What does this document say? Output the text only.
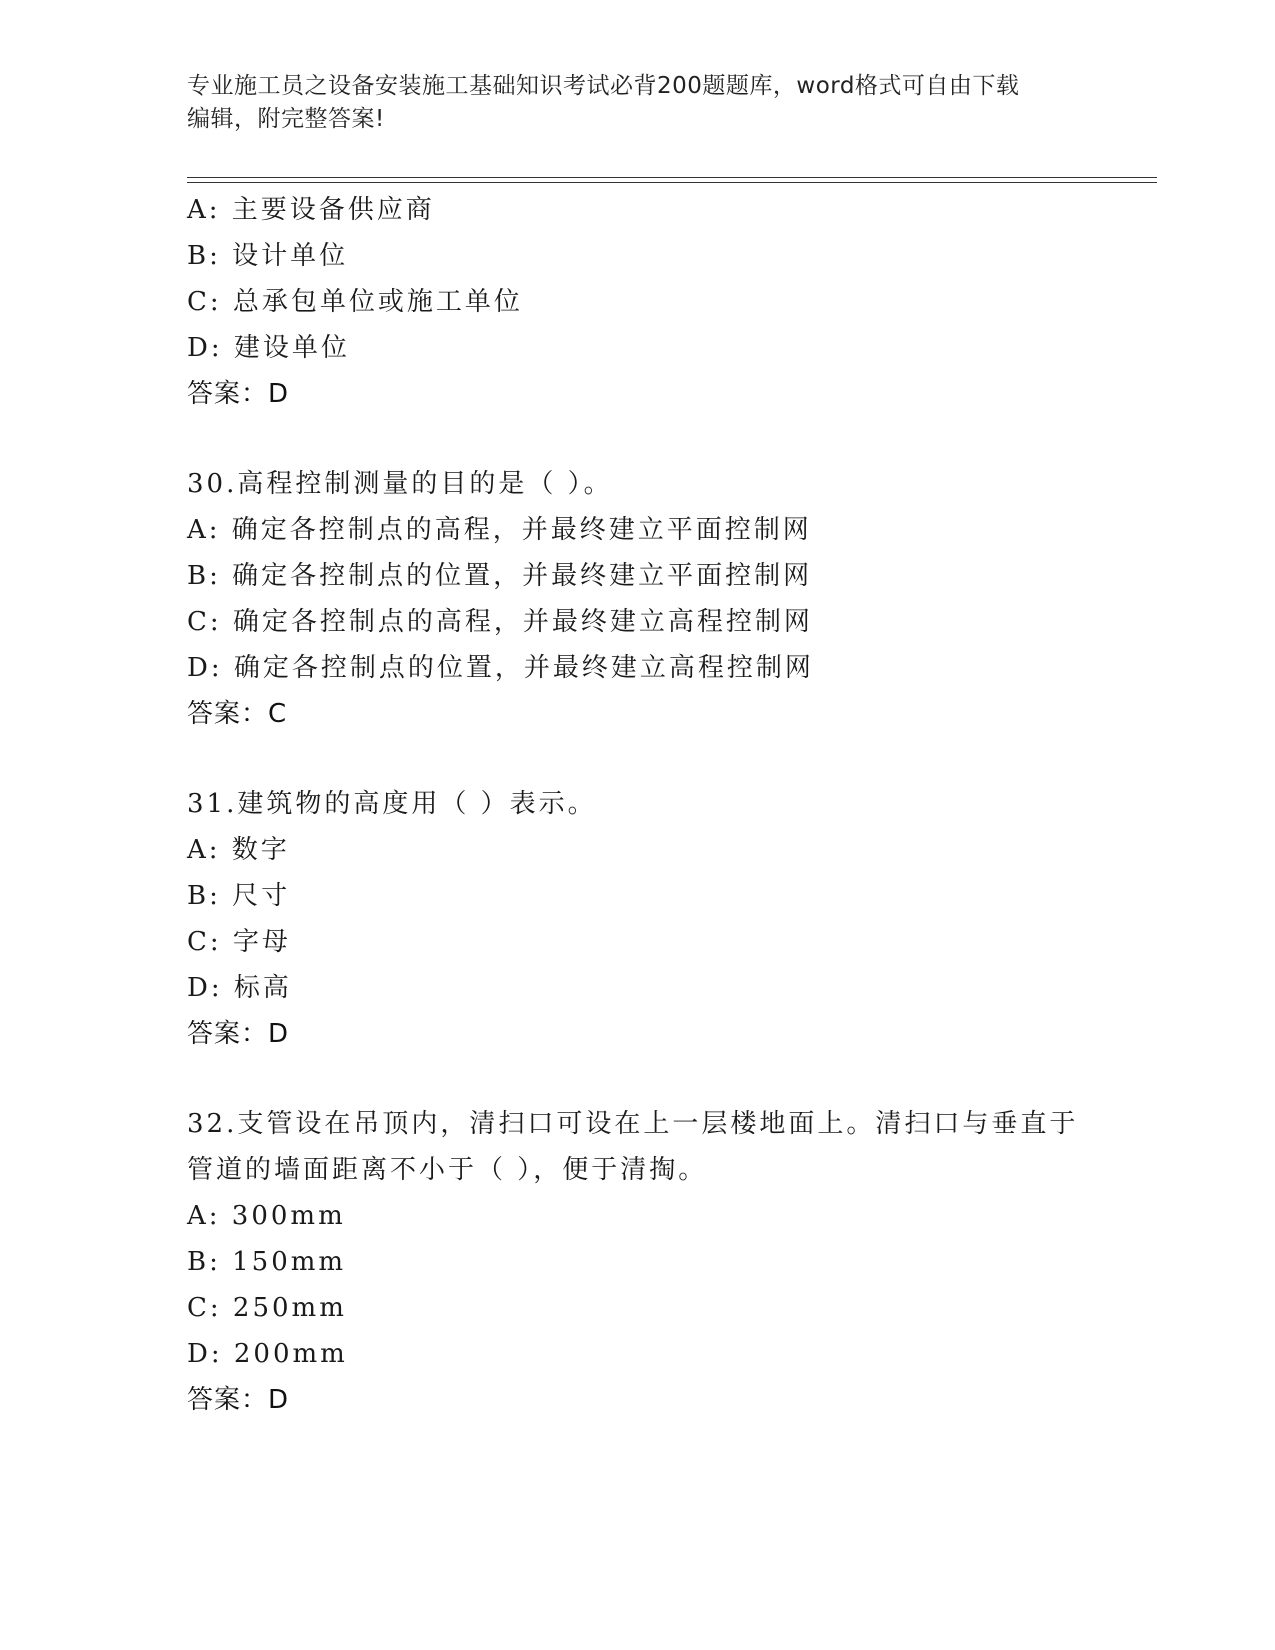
专业施工员之设备安装施工基础知识考试必背200题题库，word格式可自由下载
编辑，附完整答案!
A: 主要设备供应商
B: 设计单位
C: 总承包单位或施工单位
D: 建设单位
答案：D
30.高程控制测量的目的是（ ）。
A: 确定各控制点的高程，并最终建立平面控制网
B: 确定各控制点的位置，并最终建立平面控制网
C: 确定各控制点的高程，并最终建立高程控制网
D: 确定各控制点的位置，并最终建立高程控制网
答案：C
31.建筑物的高度用（ ）表示。
A: 数字
B: 尺寸
C: 字母
D: 标高
答案：D
32.支管设在吊顶内，清扫口可设在上一层楼地面上。清扫口与垂直于
管道的墙面距离不小于（ ），便于清掏。
A: 300mm
B: 150mm
C: 250mm
D: 200mm
答案：D
